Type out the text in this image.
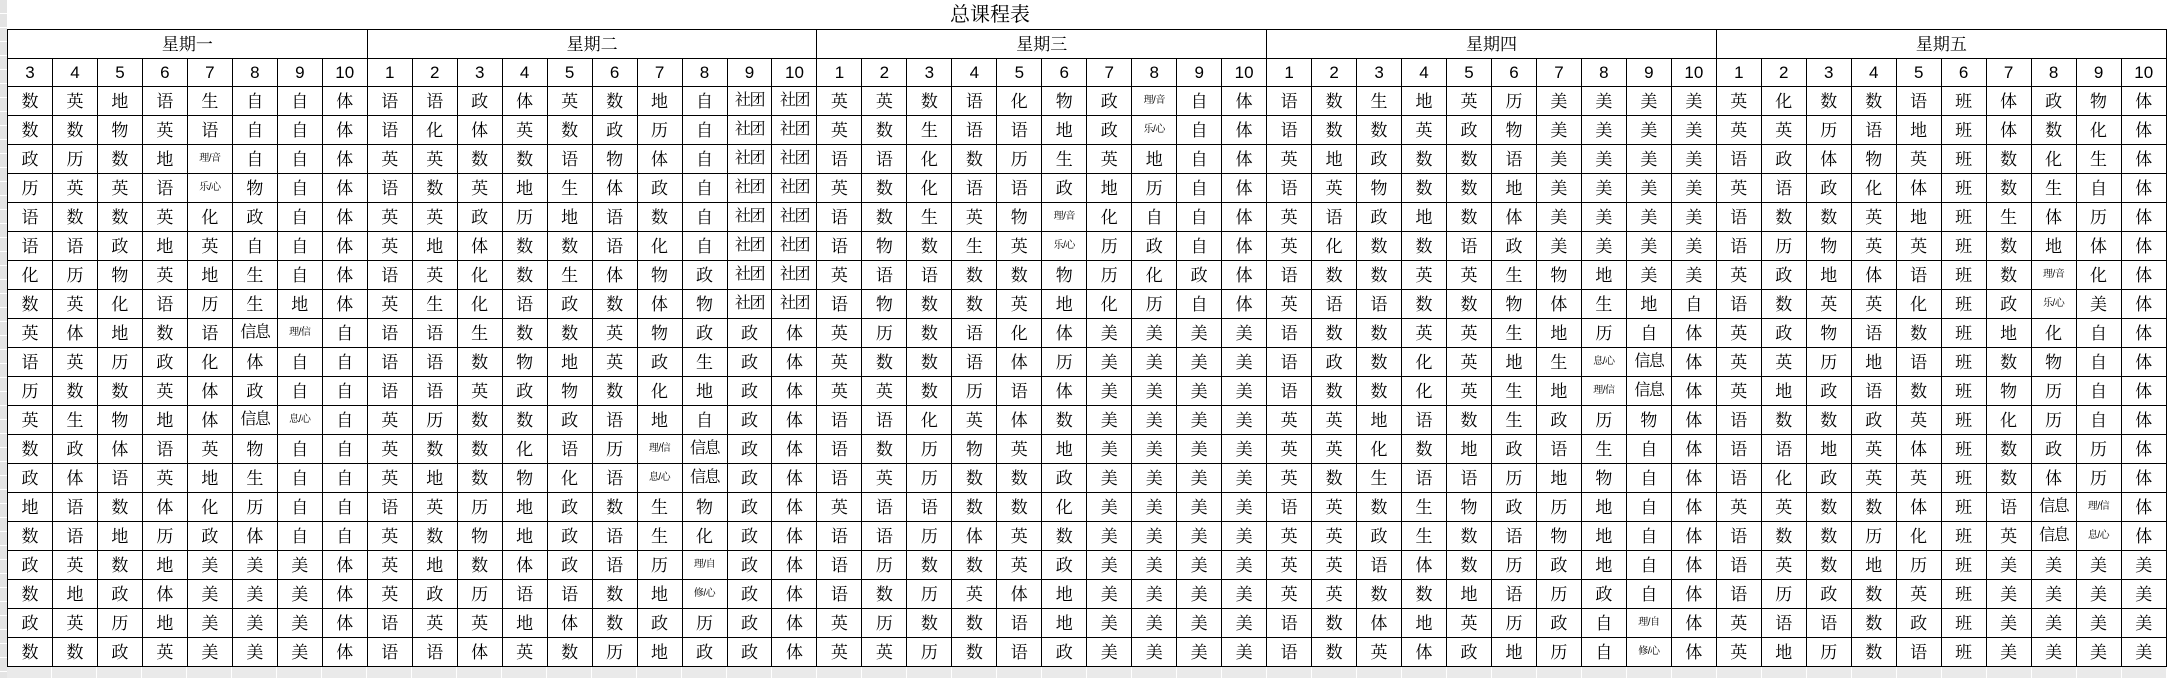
总课程表
星期一								星期二										星期三										星期四										星期五									
3	4	5	6	7	8	9	10	1	2	3	4	5	6	7	8	9	10	1	2	3	4	5	6	7	8	9	10	1	2	3	4	5	6	7	8	9	10	1	2	3	4	5	6	7	8	9	10
数	英	地	语	生	自	自	体	语	语	政	体	英	数	地	自	社团	社团	英	英	数	语	化	物	政	理/音	自	体	语	数	生	地	英	历	美	美	美	美	英	化	数	数	语	班	体	政	物	体
数	数	物	英	语	自	自	体	语	化	体	英	数	政	历	自	社团	社团	英	数	生	语	语	地	政	乐/心	自	体	语	数	数	英	政	物	美	美	美	美	英	英	历	语	地	班	体	数	化	体
政	历	数	地	理/音	自	自	体	英	英	数	数	语	物	体	自	社团	社团	语	语	化	数	历	生	英	地	自	体	英	地	政	数	数	语	美	美	美	美	语	政	体	物	英	班	数	化	生	体
历	英	英	语	乐/心	物	自	体	语	数	英	地	生	体	政	自	社团	社团	英	数	化	语	语	政	地	历	自	体	语	英	物	数	数	地	美	美	美	美	英	语	政	化	体	班	数	生	自	体
语	数	数	英	化	政	自	体	英	英	政	历	地	语	数	自	社团	社团	语	数	生	英	物	理/音	化	自	自	体	英	语	政	地	数	体	美	美	美	美	语	数	数	英	地	班	生	体	历	体
语	语	政	地	英	自	自	体	英	地	体	数	数	语	化	自	社团	社团	语	物	数	生	英	乐/心	历	政	自	体	英	化	数	数	语	政	美	美	美	美	语	历	物	英	英	班	数	地	体	体
化	历	物	英	地	生	自	体	语	英	化	数	生	体	物	政	社团	社团	英	语	语	数	数	物	历	化	政	体	语	数	数	英	英	生	物	地	美	美	英	政	地	体	语	班	数	理/音	化	体
数	英	化	语	历	生	地	体	英	生	化	语	政	数	体	物	社团	社团	语	物	数	数	英	地	化	历	自	体	英	语	语	数	数	物	体	生	地	自	语	数	英	英	化	班	政	乐/心	美	体
英	体	地	数	语	信息	理/信	自	语	语	生	数	数	英	物	政	政	体	英	历	数	语	化	体	美	美	美	美	语	数	数	英	英	生	地	历	自	体	英	政	物	语	数	班	地	化	自	体
语	英	历	政	化	体	自	自	语	语	数	物	地	英	政	生	政	体	英	数	数	语	体	历	美	美	美	美	语	政	数	化	英	地	生	息/心	信息	体	英	英	历	地	语	班	数	物	自	体
历	数	数	英	体	政	自	自	语	语	英	政	物	数	化	地	政	体	英	英	数	历	语	体	美	美	美	美	语	数	数	化	英	生	地	理/信	信息	体	英	地	政	语	数	班	物	历	自	体
英	生	物	地	体	信息	息/心	自	英	历	数	数	政	语	地	自	政	体	语	语	化	英	体	数	美	美	美	美	英	英	地	语	数	生	政	历	物	体	语	数	数	政	英	班	化	历	自	体
数	政	体	语	英	物	自	自	英	数	数	化	语	历	理/信	信息	政	体	语	数	历	物	英	地	美	美	美	美	英	英	化	数	地	政	语	生	自	体	语	语	地	英	体	班	数	政	历	体
政	体	语	英	地	生	自	自	英	地	数	物	化	语	息/心	信息	政	体	语	英	历	数	数	政	美	美	美	美	英	数	生	语	语	历	地	物	自	体	语	化	政	英	英	班	数	体	历	体
地	语	数	体	化	历	自	自	语	英	历	地	政	数	生	物	政	体	英	语	语	数	数	化	美	美	美	美	语	英	数	生	物	政	历	地	自	体	英	英	数	数	体	班	语	信息	理/信	体
数	语	地	历	政	体	自	自	英	数	物	地	政	语	生	化	政	体	语	语	历	体	英	数	美	美	美	美	英	英	政	生	数	语	物	地	自	体	语	数	数	历	化	班	英	信息	息/心	体
政	英	数	地	美	美	美	体	英	地	数	体	政	语	历	理/自	政	体	语	历	数	数	英	政	美	美	美	美	英	英	语	体	数	历	政	地	自	体	语	英	数	地	历	班	美	美	美	美
数	地	政	体	美	美	美	体	英	政	历	语	语	数	地	修/心	政	体	语	数	历	英	体	地	美	美	美	美	英	英	数	数	地	语	历	政	自	体	语	历	政	数	英	班	美	美	美	美
政	英	历	地	美	美	美	体	语	英	英	地	体	数	政	历	政	体	英	历	数	数	语	地	美	美	美	美	语	数	体	地	英	历	政	自	理/自	体	英	语	语	数	政	班	美	美	美	美
数	数	政	英	美	美	美	体	语	语	体	英	数	历	地	政	政	体	英	英	历	数	语	政	美	美	美	美	语	数	英	体	政	地	历	自	修/心	体	英	地	历	数	语	班	美	美	美	美
